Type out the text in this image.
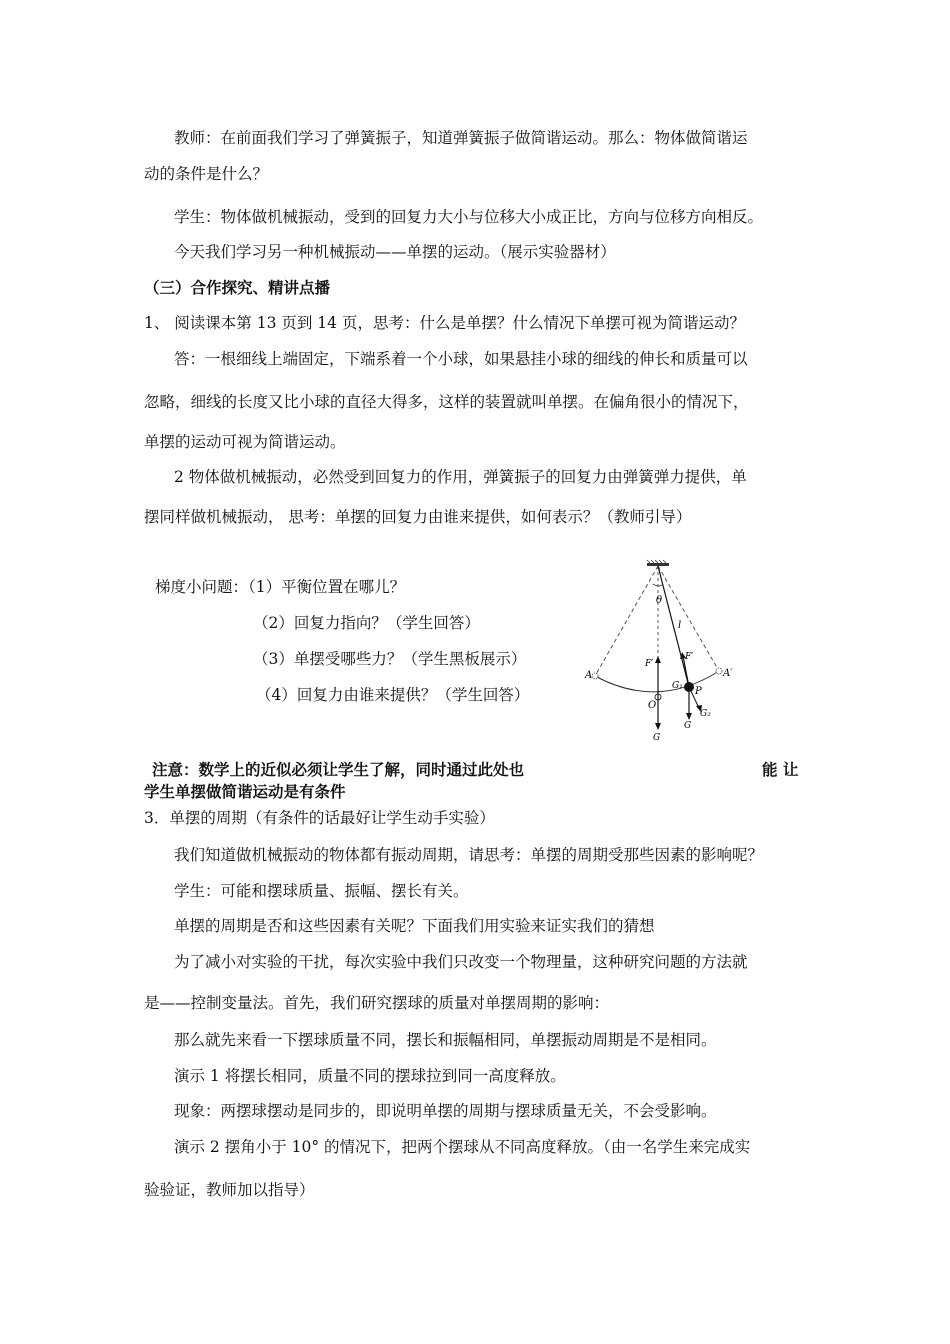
教师：在前面我们学习了弹簧振子，知道弹簧振子做简谐运动。那么：物体做简谐运
动的条件是什么？
学生：物体做机械振动，受到的回复力大小与位移大小成正比，方向与位移方向相反。
今天我们学习另一种机械振动——单摆的运动。（展示实验器材）
（三）合作探究、精讲点播
1、 阅读课本第 13 页到 14 页，思考：什么是单摆？什么情况下单摆可视为简谐运动？
答：一根细线上端固定，下端系着一个小球，如果悬挂小球的细线的伸长和质量可以
忽略，细线的长度又比小球的直径大得多，这样的装置就叫单摆。在偏角很小的情况下，
单摆的运动可视为简谐运动。
2 物体做机械振动，必然受到回复力的作用，弹簧振子的回复力由弹簧弹力提供，单
摆同样做机械振动， 思考：单摆的回复力由谁来提供，如何表示？（教师引导）
梯度小问题：（1）平衡位置在哪儿？
（2）回复力指向？（学生回答）
（3）单摆受哪些力？（学生黑板展示）
（4）回复力由谁来提供？（学生回答）
θ
l
A	A′
O
P
F′
F′
G₁
G₂
G
G
注意：数学上的近似必须让学生了解，同时通过此处也	能 让
学生单摆做简谐运动是有条件
3．单摆的周期（有条件的话最好让学生动手实验）
我们知道做机械振动的物体都有振动周期，请思考：单摆的周期受那些因素的影响呢？
学生：可能和摆球质量、振幅、摆长有关。
单摆的周期是否和这些因素有关呢？下面我们用实验来证实我们的猜想
为了减小对实验的干扰，每次实验中我们只改变一个物理量，这种研究问题的方法就
是——控制变量法。首先，我们研究摆球的质量对单摆周期的影响：
那么就先来看一下摆球质量不同，摆长和振幅相同，单摆振动周期是不是相同。
演示 1 将摆长相同，质量不同的摆球拉到同一高度释放。
现象：两摆球摆动是同步的，即说明单摆的周期与摆球质量无关，不会受影响。
演示 2 摆角小于 10° 的情况下，把两个摆球从不同高度释放。（由一名学生来完成实
验验证，教师加以指导）
